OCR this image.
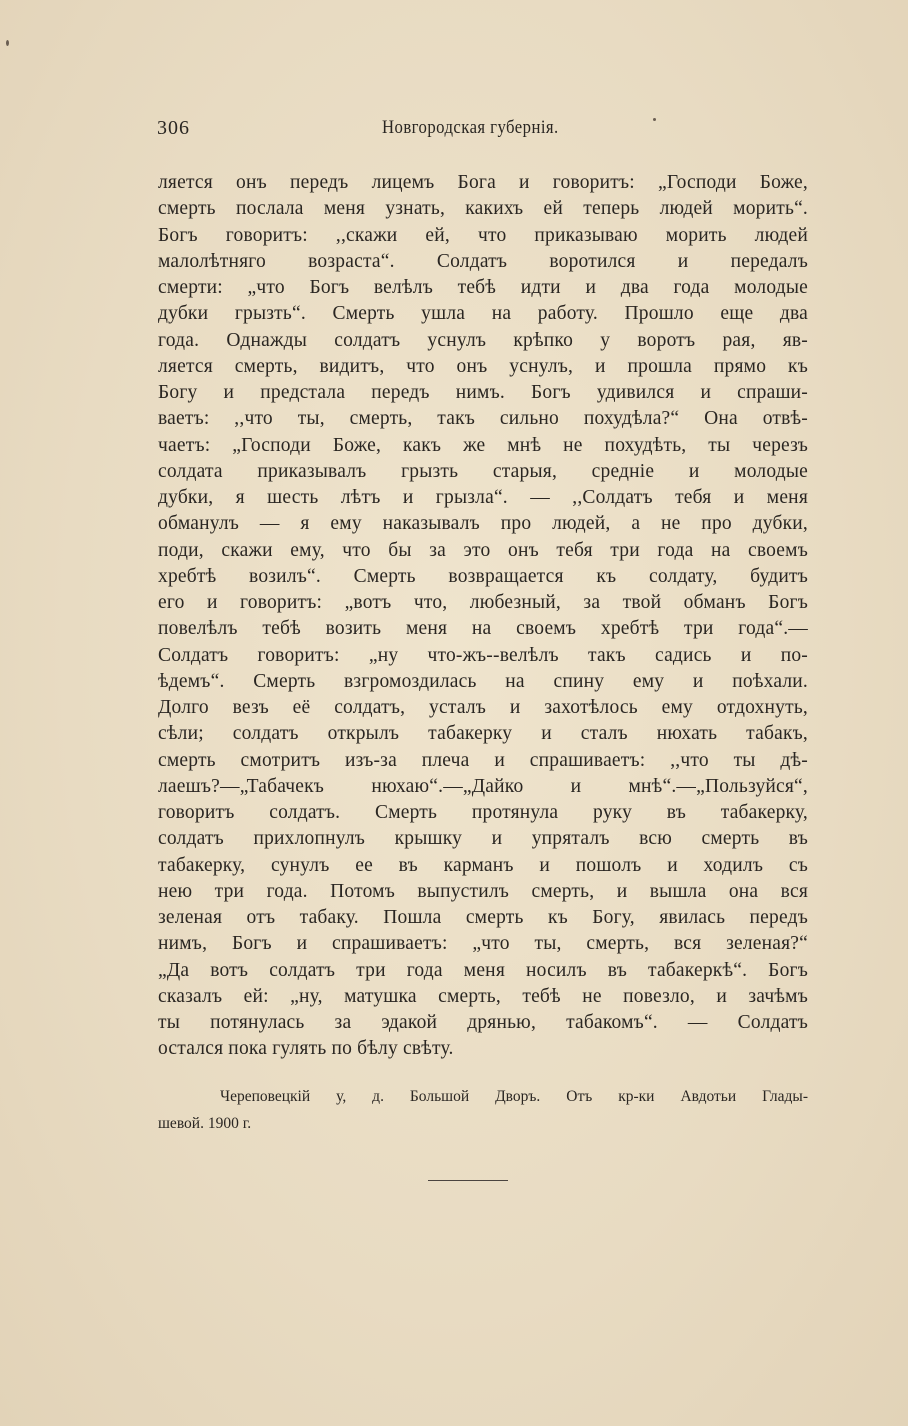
306	Новгородская губернія.
ляется онъ передъ лицемъ Бога и говоритъ: „Господи Боже,
смерть послала меня узнать, какихъ ей теперь людей морить“.
Богъ говоритъ: ,,скажи ей, что приказываю морить людей
малолѣтняго возраста“. Солдатъ воротился и передалъ
смерти: „что Богъ велѣлъ тебѣ идти и два года молодые
дубки грызть“. Смерть ушла на работу. Прошло еще два
года. Однажды солдатъ уснулъ крѣпко у воротъ рая, яв-
ляется смерть, видитъ, что онъ уснулъ, и прошла прямо къ
Богу и предстала передъ нимъ. Богъ удивился и спраши-
ваетъ: ,,что ты, смерть, такъ сильно похудѣла?“ Она отвѣ-
чаетъ: „Господи Боже, какъ же мнѣ не похудѣть, ты черезъ
солдата приказывалъ грызть старыя, среднiе и молодые
дубки, я шесть лѣтъ и грызла“. — ,,Солдатъ тебя и меня
обманулъ — я ему наказывалъ про людей, а не про дубки,
поди, скажи ему, что бы за это онъ тебя три года на своемъ
хребтѣ возилъ“. Смерть возвращается къ солдату, будитъ
его и говоритъ: „вотъ что, любезный, за твой обманъ Богъ
повелѣлъ тебѣ возить меня на своемъ хребтѣ три года“.—
Солдатъ говоритъ: „ну что-жъ--велѣлъ такъ садись и по-
ѣдемъ“. Смерть взгромоздилась на спину ему и поѣхали.
Долго везъ её солдатъ, усталъ и захотѣлось ему отдохнуть,
сѣли; солдатъ открылъ табакерку и сталъ нюхать табакъ,
смерть смотритъ изъ-за плеча и спрашиваетъ: ,,что ты дѣ-
лаешъ?—„Табачекъ нюхаю“.—„Дайко и мнѣ“.—„Пользуйся“,
говоритъ солдатъ. Смерть протянула руку въ табакерку,
солдатъ прихлопнулъ крышку и упряталъ всю смерть въ
табакерку, сунулъ ее въ карманъ и пошолъ и ходилъ съ
нею три года. Потомъ выпустилъ смерть, и вышла она вся
зеленая отъ табаку. Пошла смерть къ Богу, явилась передъ
нимъ, Богъ и спрашиваетъ: „что ты, смерть, вся зеленая?“
„Да вотъ солдатъ три года меня носилъ въ табакеркѣ“. Богъ
сказалъ ей: „ну, матушка смерть, тебѣ не повезло, и зачѣмъ
ты потянулась за эдакой дрянью, табакомъ“. — Солдатъ
остался пока гулять по бѣлу свѣту.
Череповецкій у, д. Большой Дворъ. Отъ кр-ки Авдотьи Глады-
шевой. 1900 г.
